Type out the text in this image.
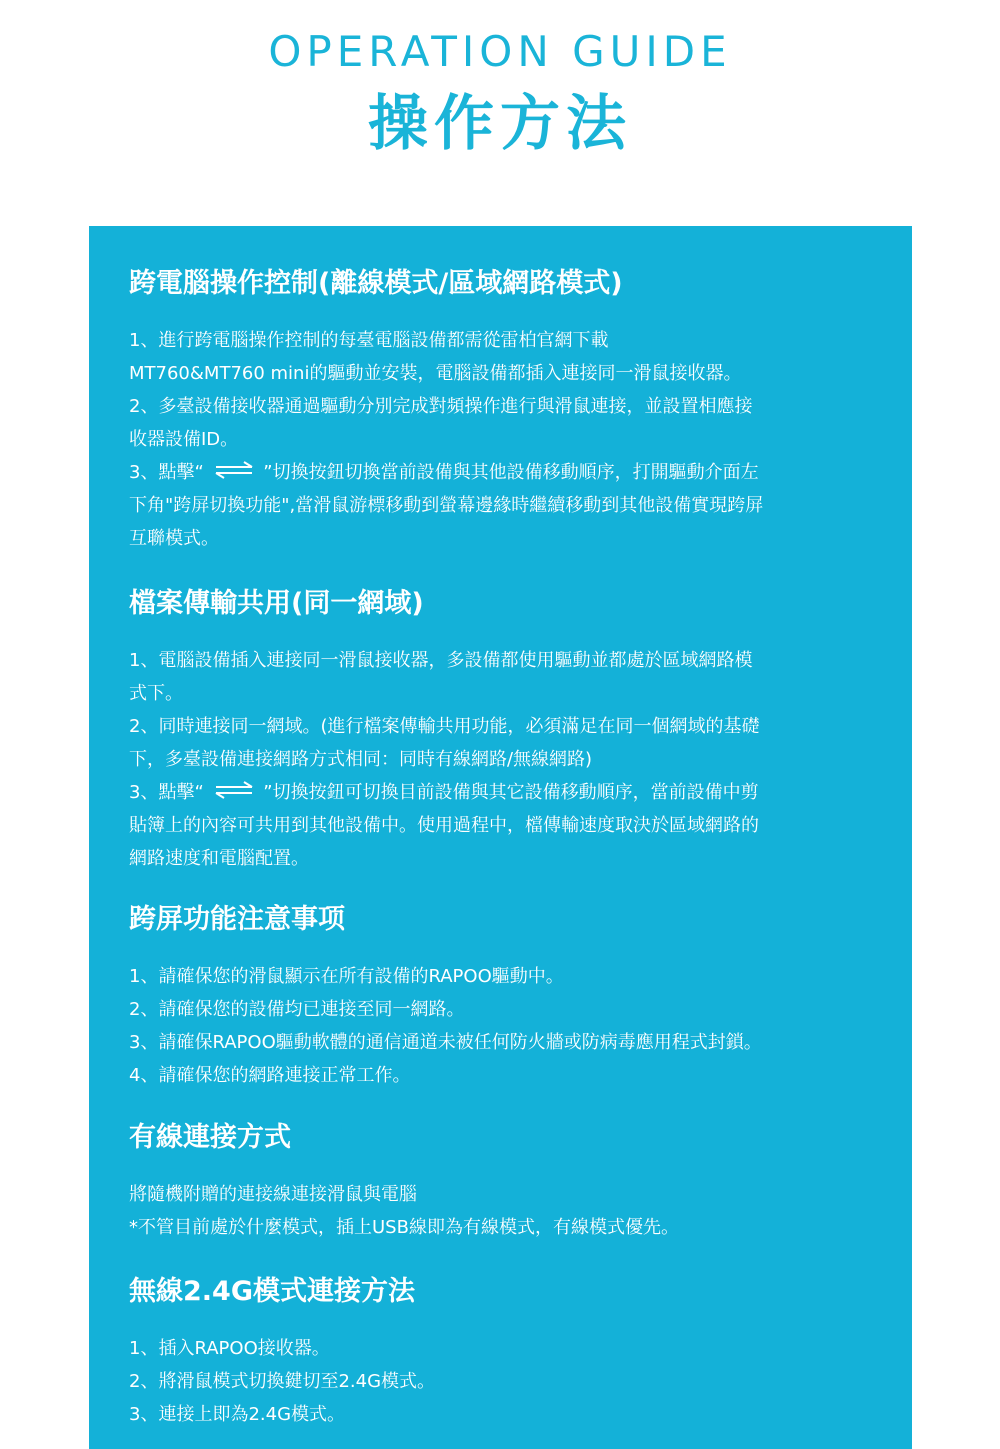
OPERATION GUIDE
操作方法
跨電腦操作控制(離線模式/區域網路模式)
1、進行跨電腦操作控制的每臺電腦設備都需從雷柏官網下載
MT760&MT760 mini的驅動並安裝，電腦設備都插入連接同一滑鼠接收器。
2、多臺設備接收器通過驅動分別完成對頻操作進行與滑鼠連接，並設置相應接
收器設備ID。
3、點擊“	”切換按鈕切換當前設備與其他設備移動順序，打開驅動介面左
下角"跨屏切換功能",當滑鼠游標移動到螢幕邊緣時繼續移動到其他設備實現跨屏
互聯模式。
檔案傳輸共用(同一網域)
1、電腦設備插入連接同一滑鼠接收器，多設備都使用驅動並都處於區域網路模
式下。
2、同時連接同一網域。(進行檔案傳輸共用功能，必須滿足在同一個網域的基礎
下，多臺設備連接網路方式相同：同時有線網路/無線網路)
3、點擊“	”切換按鈕可切換目前設備與其它設備移動順序，當前設備中剪
貼簿上的內容可共用到其他設備中。使用過程中，檔傳輸速度取決於區域網路的
網路速度和電腦配置。
跨屏功能注意事项
1、請確保您的滑鼠顯示在所有設備的RAPOO驅動中。
2、請確保您的設備均已連接至同一網路。
3、請確保RAPOO驅動軟體的通信通道未被任何防火牆或防病毒應用程式封鎖。
4、請確保您的網路連接正常工作。
有線連接方式
將隨機附贈的連接線連接滑鼠與電腦
*不管目前處於什麼模式，插上USB線即為有線模式，有線模式優先。
無線2.4G模式連接方法
1、插入RAPOO接收器。
2、將滑鼠模式切換鍵切至2.4G模式。
3、連接上即為2.4G模式。
